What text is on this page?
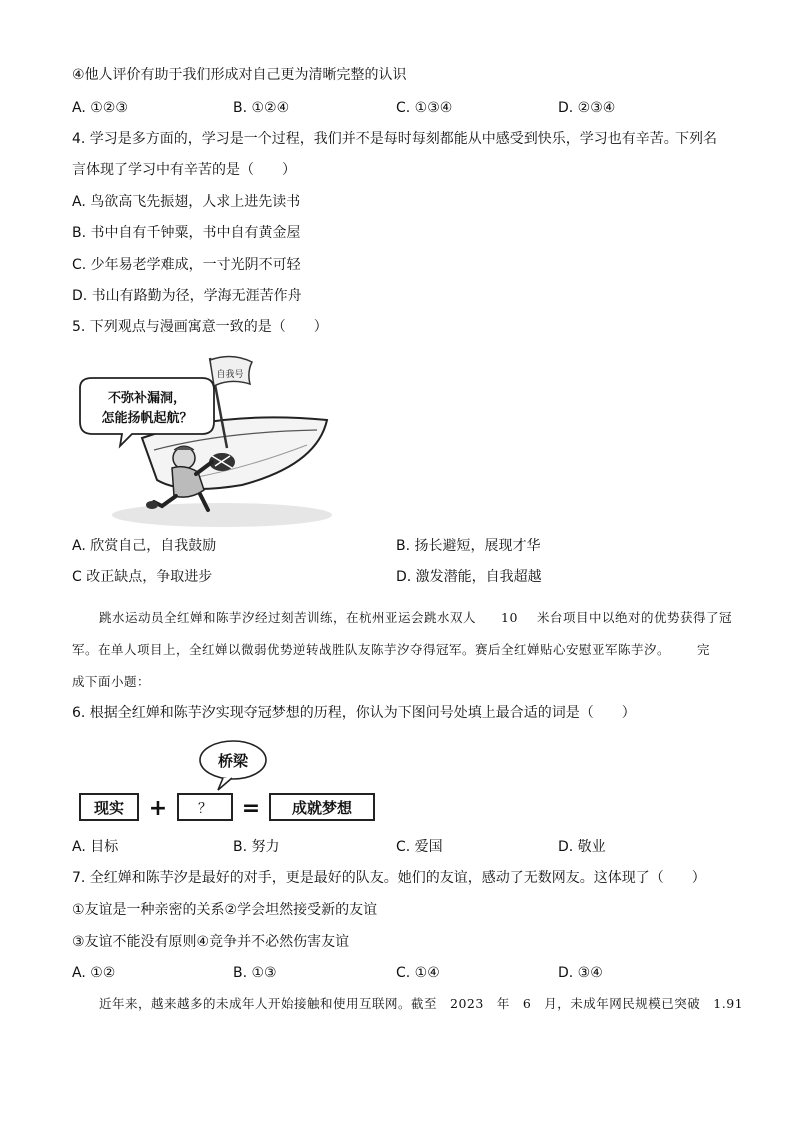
④他人评价有助于我们形成对自己更为清晰完整的认识
A. ①②③	B. ①②④	C. ①③④	D. ②③④
4. 学习是多方面的，学习是一个过程，我们并不是每时每刻都能从中感受到快乐，学习也有辛苦。
下列名
言体现了学习中有辛苦的是（　　）
A. 鸟欲高飞先振翅，人求上进先读书
B. 书中自有千钟粟，书中自有黄金屋
C. 少年易老学难成，一寸光阴不可轻
D. 书山有路勤为径，学海无涯苦作舟
5. 下列观点与漫画寓意一致的是（　　）
自我号
不弥补漏洞，
怎能扬帆起航？
A. 欣赏自己，自我鼓励	B. 扬长避短，展现才华
C 改正缺点，争取进步	D. 激发潜能，自我超越
跳水运动员全红婵和陈芋汐经过刻苦训练，在杭州亚运会跳水双人 10 米台项目中以绝对的优势获得了冠
军。在单人项目上，全红婵以微弱优势逆转战胜队友陈芋汐夺得冠军。赛后全红婵贴心安慰亚军陈芋汐。 完
成下面小题：
6. 根据全红婵和陈芋汐实现夺冠梦想的历程，你认为下图问号处填上最合适的词是（　　）
桥梁
现实 + ？ = 成就梦想
A. 目标	B. 努力	C. 爱国	D. 敬业
7. 全红婵和陈芋汐是最好的对手，更是最好的队友。她们的友谊，感动了无数网友。这体现了（　　）
①友谊是一种亲密的关系②学会坦然接受新的友谊
③友谊不能没有原则④竞争并不必然伤害友谊
A. ①②	B. ①③	C. ①④	D. ③④
近年来，越来越多的未成年人开始接触和使用互联网。截至　2023　年　6　月，未成年网民规模已突破　1.91
